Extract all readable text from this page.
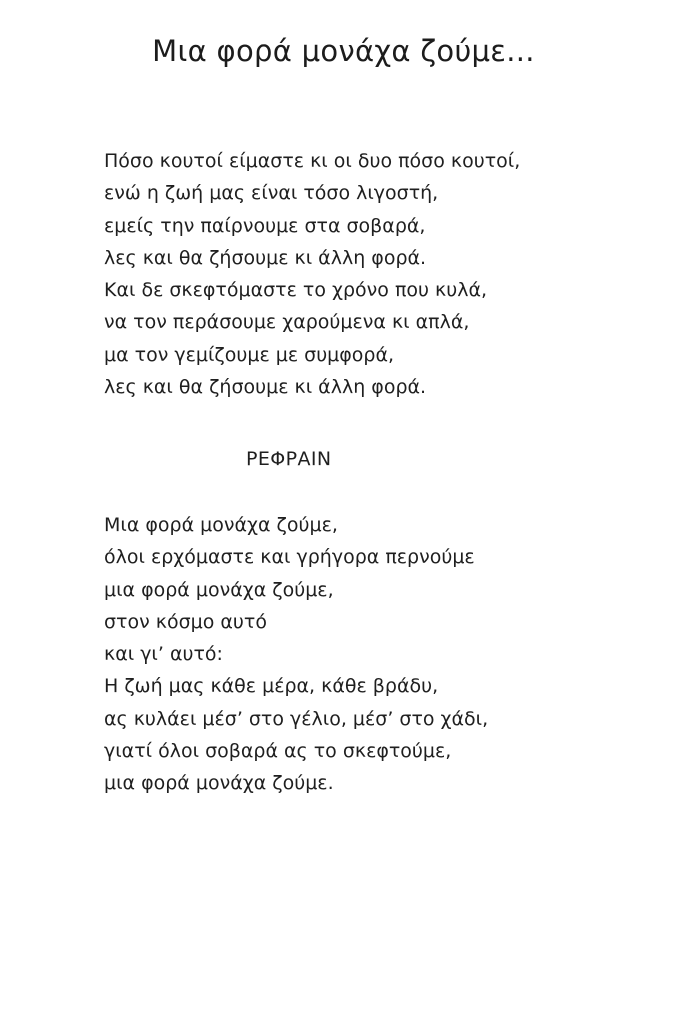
Μια φορά μονάχα ζούμε...
Πόσο κουτοί είμαστε κι οι δυο πόσο κουτοί,
ενώ η ζωή μας είναι τόσο λιγοστή,
εμείς την παίρνουμε στα σοβαρά,
λες και θα ζήσουμε κι άλλη φορά.
Και δε σκεφτόμαστε το χρόνο που κυλά,
να τον περάσουμε χαρούμενα κι απλά,
μα τον γεμίζουμε με συμφορά,
λες και θα ζήσουμε κι άλλη φορά.
ΡΕΦΡΑΙΝ
Μια φορά μονάχα ζούμε,
όλοι ερχόμαστε και γρήγορα περνούμε
μια φορά μονάχα ζούμε,
στον κόσμο αυτό
και γι’ αυτό:
Η ζωή μας κάθε μέρα, κάθε βράδυ,
ας κυλάει μέσ’ στο γέλιο, μέσ’ στο χάδι,
γιατί όλοι σοβαρά ας το σκεφτούμε,
μια φορά μονάχα ζούμε.
